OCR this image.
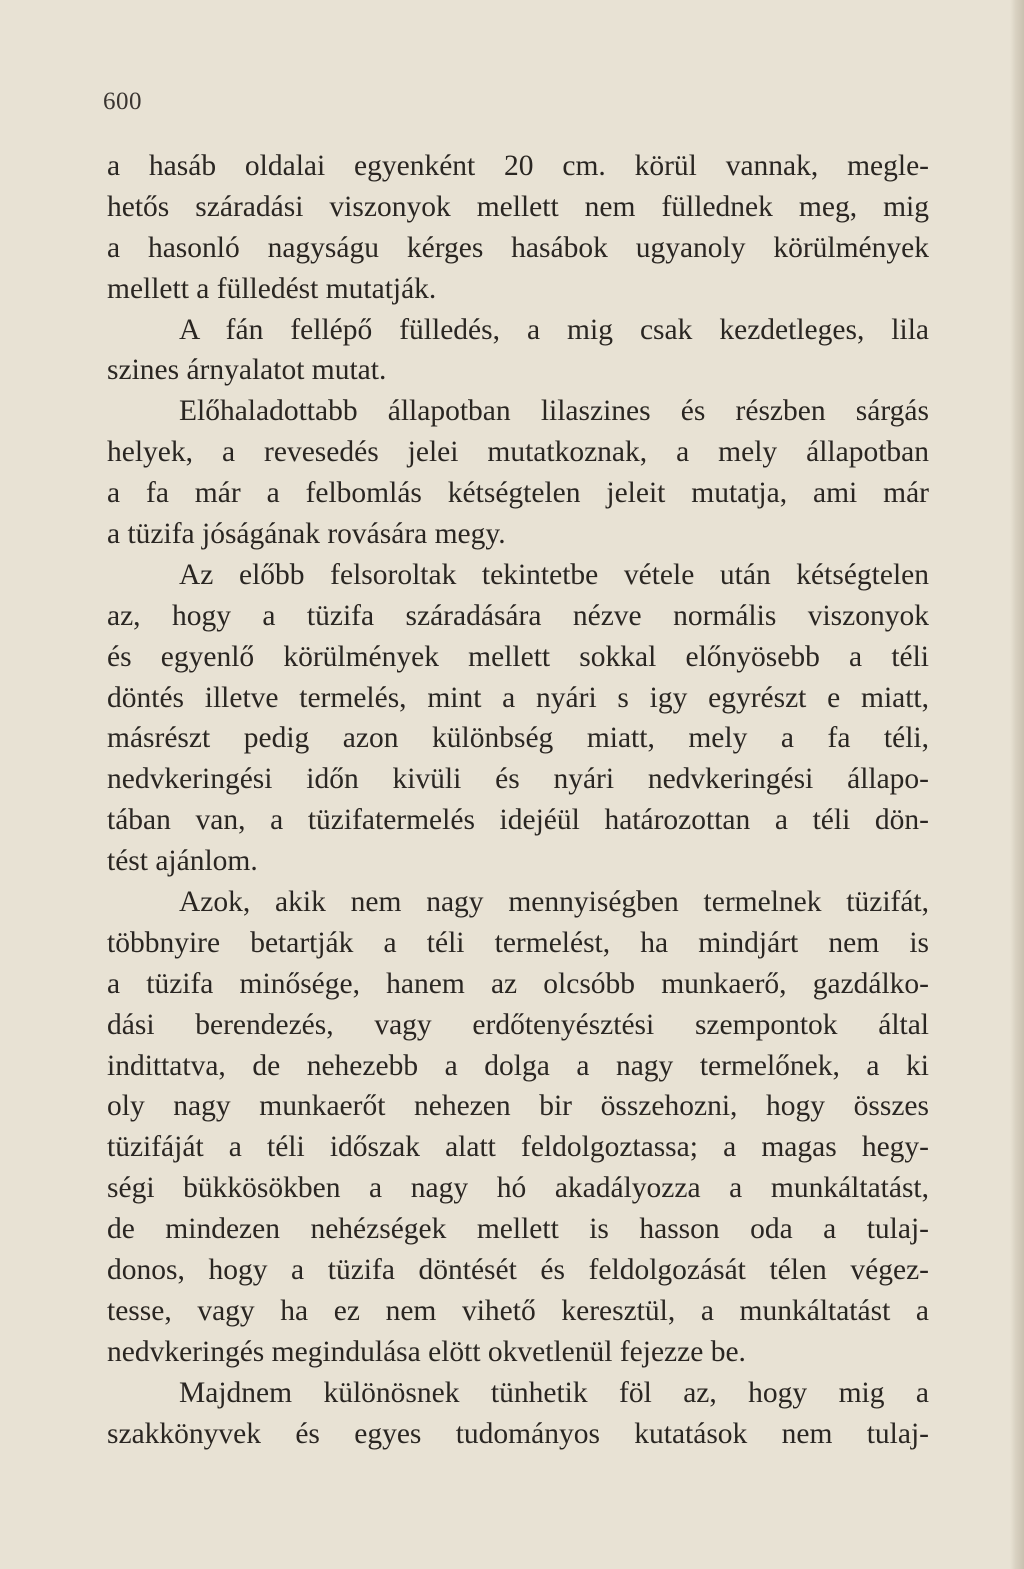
600
a hasáb oldalai egyenként 20 cm. körül vannak, megle-
hetős száradási viszonyok mellett nem füllednek meg, mig
a hasonló nagyságu kérges hasábok ugyanoly körülmények
mellett a fülledést mutatják.
A fán fellépő fülledés, a mig csak kezdetleges, lila
szines árnyalatot mutat.
Előhaladottabb állapotban lilaszines és részben sárgás
helyek, a revesedés jelei mutatkoznak, a mely állapotban
a fa már a felbomlás kétségtelen jeleit mutatja, ami már
a tüzifa jóságának rovására megy.
Az előbb felsoroltak tekintetbe vétele után kétségtelen
az, hogy a tüzifa száradására nézve normális viszonyok
és egyenlő körülmények mellett sokkal előnyösebb a téli
döntés illetve termelés, mint a nyári s igy egyrészt e miatt,
másrészt pedig azon különbség miatt, mely a fa téli,
nedvkeringési időn kivüli és nyári nedvkeringési állapo-
tában van, a tüzifatermelés idejéül határozottan a téli dön-
tést ajánlom.
Azok, akik nem nagy mennyiségben termelnek tüzifát,
többnyire betartják a téli termelést, ha mindjárt nem is
a tüzifa minősége, hanem az olcsóbb munkaerő, gazdálko-
dási berendezés, vagy erdőtenyésztési szempontok által
indittatva, de nehezebb a dolga a nagy termelőnek, a ki
oly nagy munkaerőt nehezen bir összehozni, hogy összes
tüzifáját a téli időszak alatt feldolgoztassa; a magas hegy-
ségi bükkösökben a nagy hó akadályozza a munkáltatást,
de mindezen nehézségek mellett is hasson oda a tulaj-
donos, hogy a tüzifa döntését és feldolgozását télen végez-
tesse, vagy ha ez nem vihető keresztül, a munkáltatást a
nedvkeringés megindulása elött okvetlenül fejezze be.
Majdnem különösnek tünhetik föl az, hogy mig a
szakkönyvek és egyes tudományos kutatások nem tulaj-
